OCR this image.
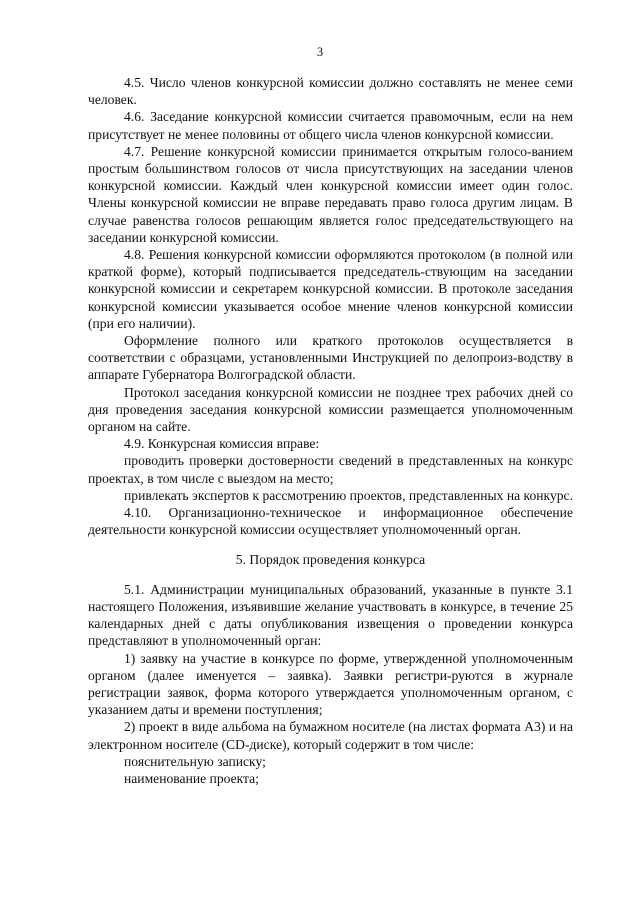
3

4.5. Число членов конкурсной комиссии должно составлять не менее семи человек.

4.6. Заседание конкурсной комиссии считается правомочным, если на нем присутствует не менее половины от общего числа членов конкурсной комиссии.

4.7. Решение конкурсной комиссии принимается открытым голосо-ванием простым большинством голосов от числа присутствующих на заседании членов конкурсной комиссии. Каждый член конкурсной комиссии имеет один голос. Члены конкурсной комиссии не вправе передавать право голоса другим лицам. В случае равенства голосов решающим является голос председательствующего на заседании конкурсной комиссии.

4.8. Решения конкурсной комиссии оформляются протоколом (в полной или краткой форме), который подписывается председатель-ствующим на заседании конкурсной комиссии и секретарем конкурсной комиссии. В протоколе заседания конкурсной комиссии указывается особое мнение членов конкурсной комиссии (при его наличии).

Оформление полного или краткого протоколов осуществляется в соответствии с образцами, установленными Инструкцией по делопроиз-водству в аппарате Губернатора Волгоградской области.

Протокол заседания конкурсной комиссии не позднее трех рабочих дней со дня проведения заседания конкурсной комиссии размещается уполномоченным органом на сайте.

4.9. Конкурсная комиссия вправе:

проводить проверки достоверности сведений в представленных на конкурс проектах, в том числе с выездом на место;

привлекать экспертов к рассмотрению проектов, представленных на конкурс.

4.10. Организационно-техническое и информационное обеспечение деятельности конкурсной комиссии осуществляет уполномоченный орган.

5. Порядок проведения конкурса

5.1. Администрации муниципальных образований, указанные в пункте 3.1 настоящего Положения, изъявившие желание участвовать в конкурсе, в течение 25 календарных дней с даты опубликования извещения о проведении конкурса представляют в уполномоченный орган:

1) заявку на участие в конкурсе по форме, утвержденной уполномоченным органом (далее именуется – заявка). Заявки регистри-руются в журнале регистрации заявок, форма которого утверждается уполномоченным органом, с указанием даты и времени поступления;

2) проект в виде альбома на бумажном носителе (на листах формата А3) и на электронном носителе (CD-диске), который содержит в том числе:

пояснительную записку;

наименование проекта;
